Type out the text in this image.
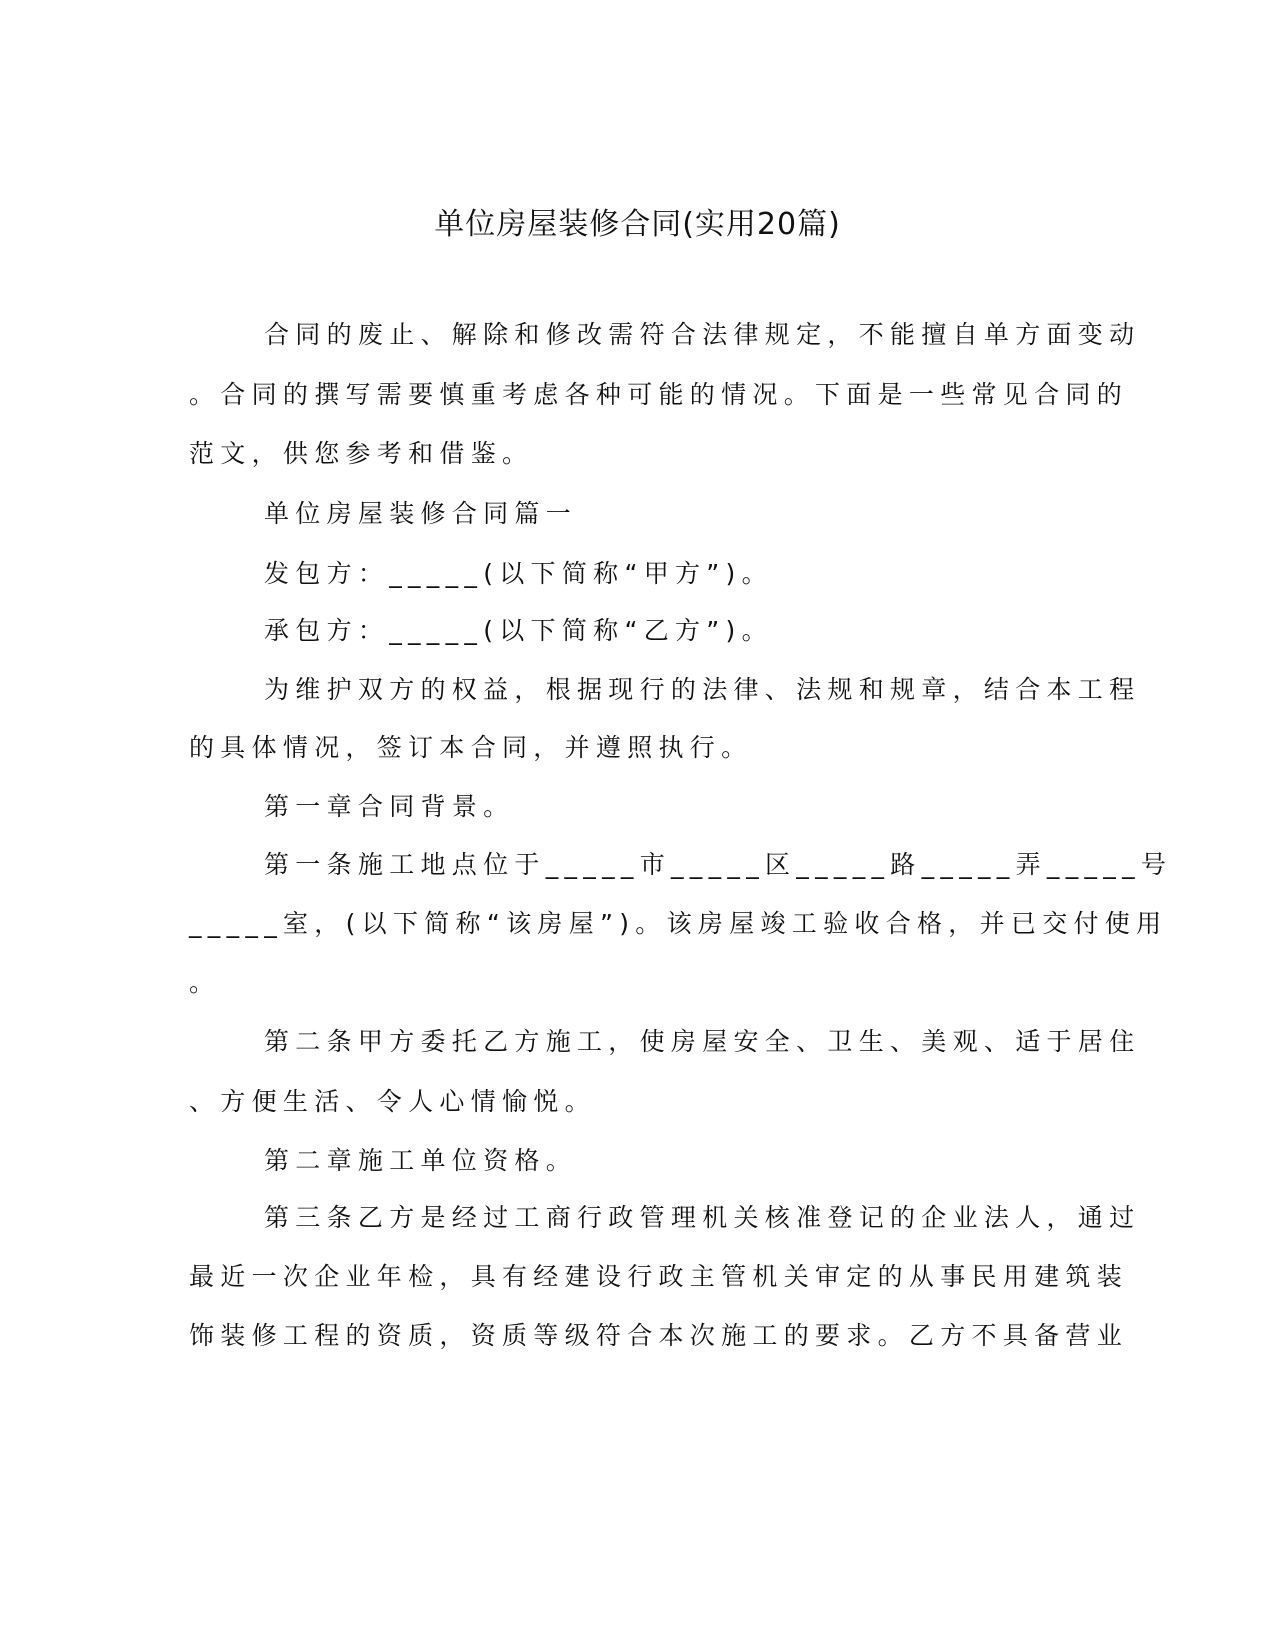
单位房屋装修合同(实用20篇)
合同的废止、解除和修改需符合法律规定，不能擅自单方面变动
。合同的撰写需要慎重考虑各种可能的情况。下面是一些常见合同的
范文，供您参考和借鉴。
单位房屋装修合同篇一
发包方：_____(以下简称“甲方”)。
承包方：_____(以下简称“乙方”)。
为维护双方的权益，根据现行的法律、法规和规章，结合本工程
的具体情况，签订本合同，并遵照执行。
第一章合同背景。
第一条施工地点位于_____市_____区_____路_____弄_____号
_____室，(以下简称“该房屋”)。该房屋竣工验收合格，并已交付使用
。
第二条甲方委托乙方施工，使房屋安全、卫生、美观、适于居住
、方便生活、令人心情愉悦。
第二章施工单位资格。
第三条乙方是经过工商行政管理机关核准登记的企业法人，通过
最近一次企业年检，具有经建设行政主管机关审定的从事民用建筑装
饰装修工程的资质，资质等级符合本次施工的要求。乙方不具备营业
